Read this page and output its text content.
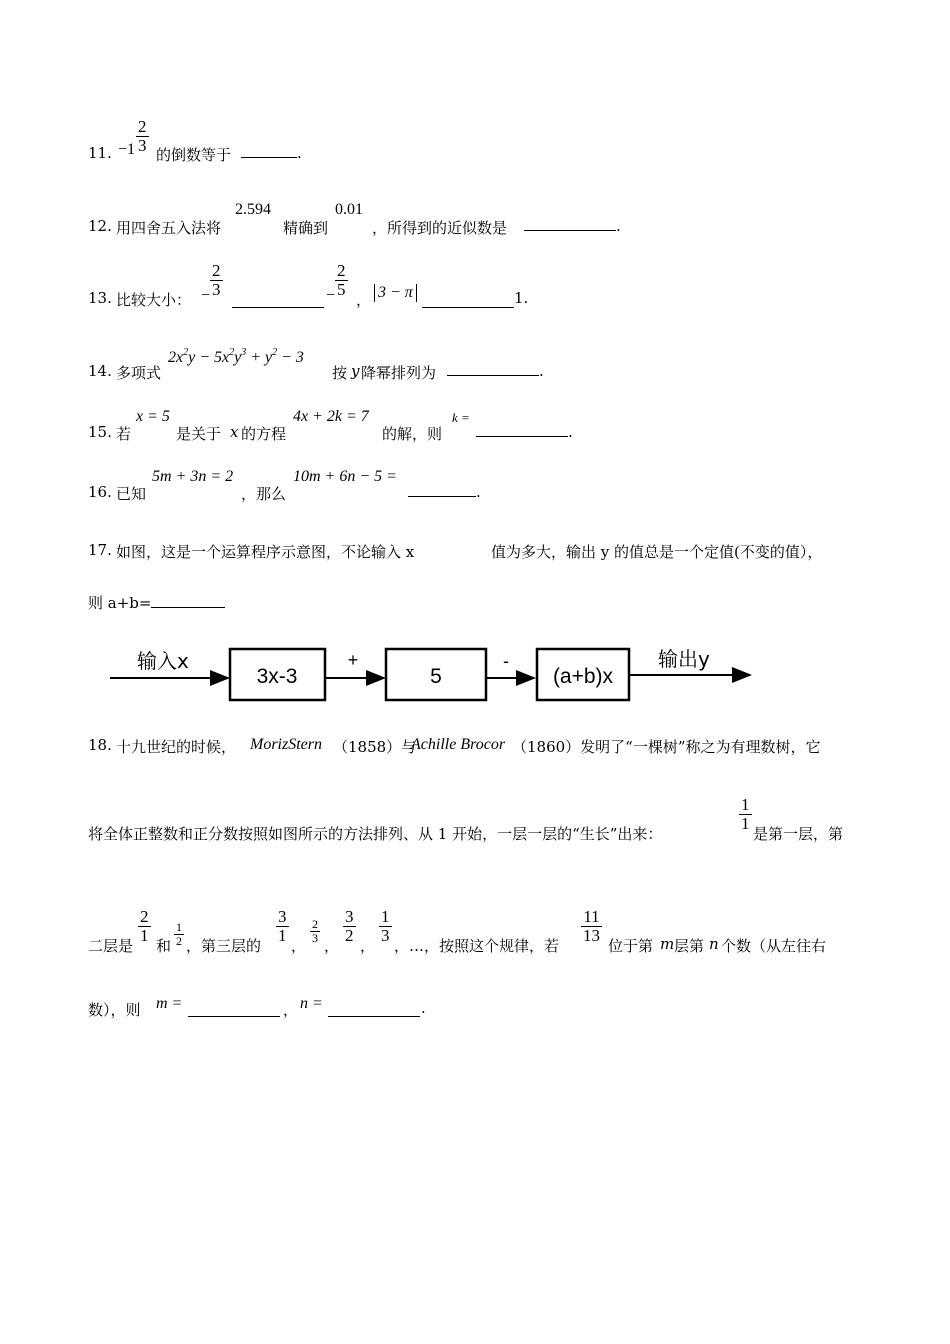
11. $-1 \frac{2}{3}$
的倒数等于	.
12. 用四舍五入法将
2.594
精确到
0.01
，所得到的近似数是	.
13. 比较大小： − $\frac{2}{3}$	− $\frac{2}{5}$
， 3 − π	1.
14. 多项式
$2x^2y - 5x^2y^3 + y^2 - 3$
按 y 降幂排列为	.
15. 若
x = 5
是关于 x 的方程
4x + 2k = 7
的解，则
k =
.
16. 已知
5m + 3n = 2
，那么
10m + 6n − 5 =
.
17. 如图，这是一个运算程序示意图，不论输入 x	值为多大，输出 y 的值总是一个定值(不变的值），
则 a+b=
输入x
3x-3
+
5
-
(a+b)x
输出y
18. 十九世纪的时候， MorizStern （1858）与
Achille Brocor （1860）发明了“一棵树”称之为有理数树，它
将全体正整数和正分数按照如图所示的方法排列、从 1 开始，一层一层的“生长”出来：
$\frac{1}{1}$
是第一层，第
二层是
$\frac{2}{1}$
和 $\frac{1}{2}$ ，第三层的
$\frac{3}{1}$
，
$\frac{2}{3}$
，
$\frac{3}{2}$
，
$\frac{1}{3}$
，…，按照这个规律，若
$\frac{11}{13}$
位于第 m 层第 n 个数（从左往右
数），则 m =	， n =	.
